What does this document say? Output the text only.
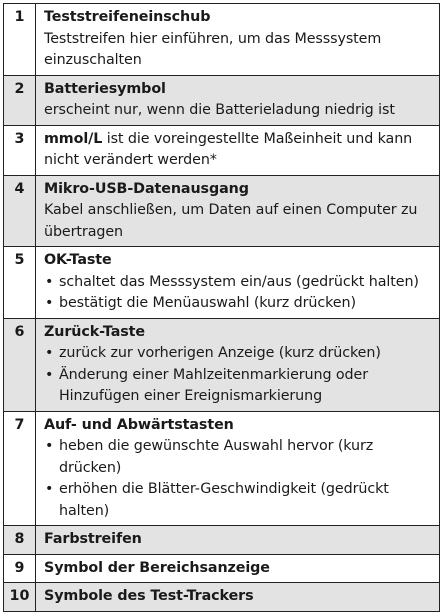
1	Teststreifeneinschub
Teststreifen hier einführen, um das Messsystem einzuschalten
2	Batteriesymbol
erscheint nur, wenn die Batterieladung niedrig ist
3	mmol/L ist die voreingestellte Maßeinheit und kann nicht verändert werden*
4	Mikro-USB-Datenausgang
Kabel anschließen, um Daten auf einen Computer zu übertragen
5	OK-Taste
• schaltet das Messsystem ein/aus (gedrückt halten)
• bestätigt die Menüauswahl (kurz drücken)
6	Zurück-Taste
• zurück zur vorherigen Anzeige (kurz drücken)
• Änderung einer Mahlzeitenmarkierung oder Hinzufügen einer Ereignismarkierung
7	Auf- und Abwärtstasten
• heben die gewünschte Auswahl hervor (kurz drücken)
• erhöhen die Blätter-Geschwindigkeit (gedrückt halten)
8	Farbstreifen
9	Symbol der Bereichsanzeige
10	Symbole des Test-Trackers
